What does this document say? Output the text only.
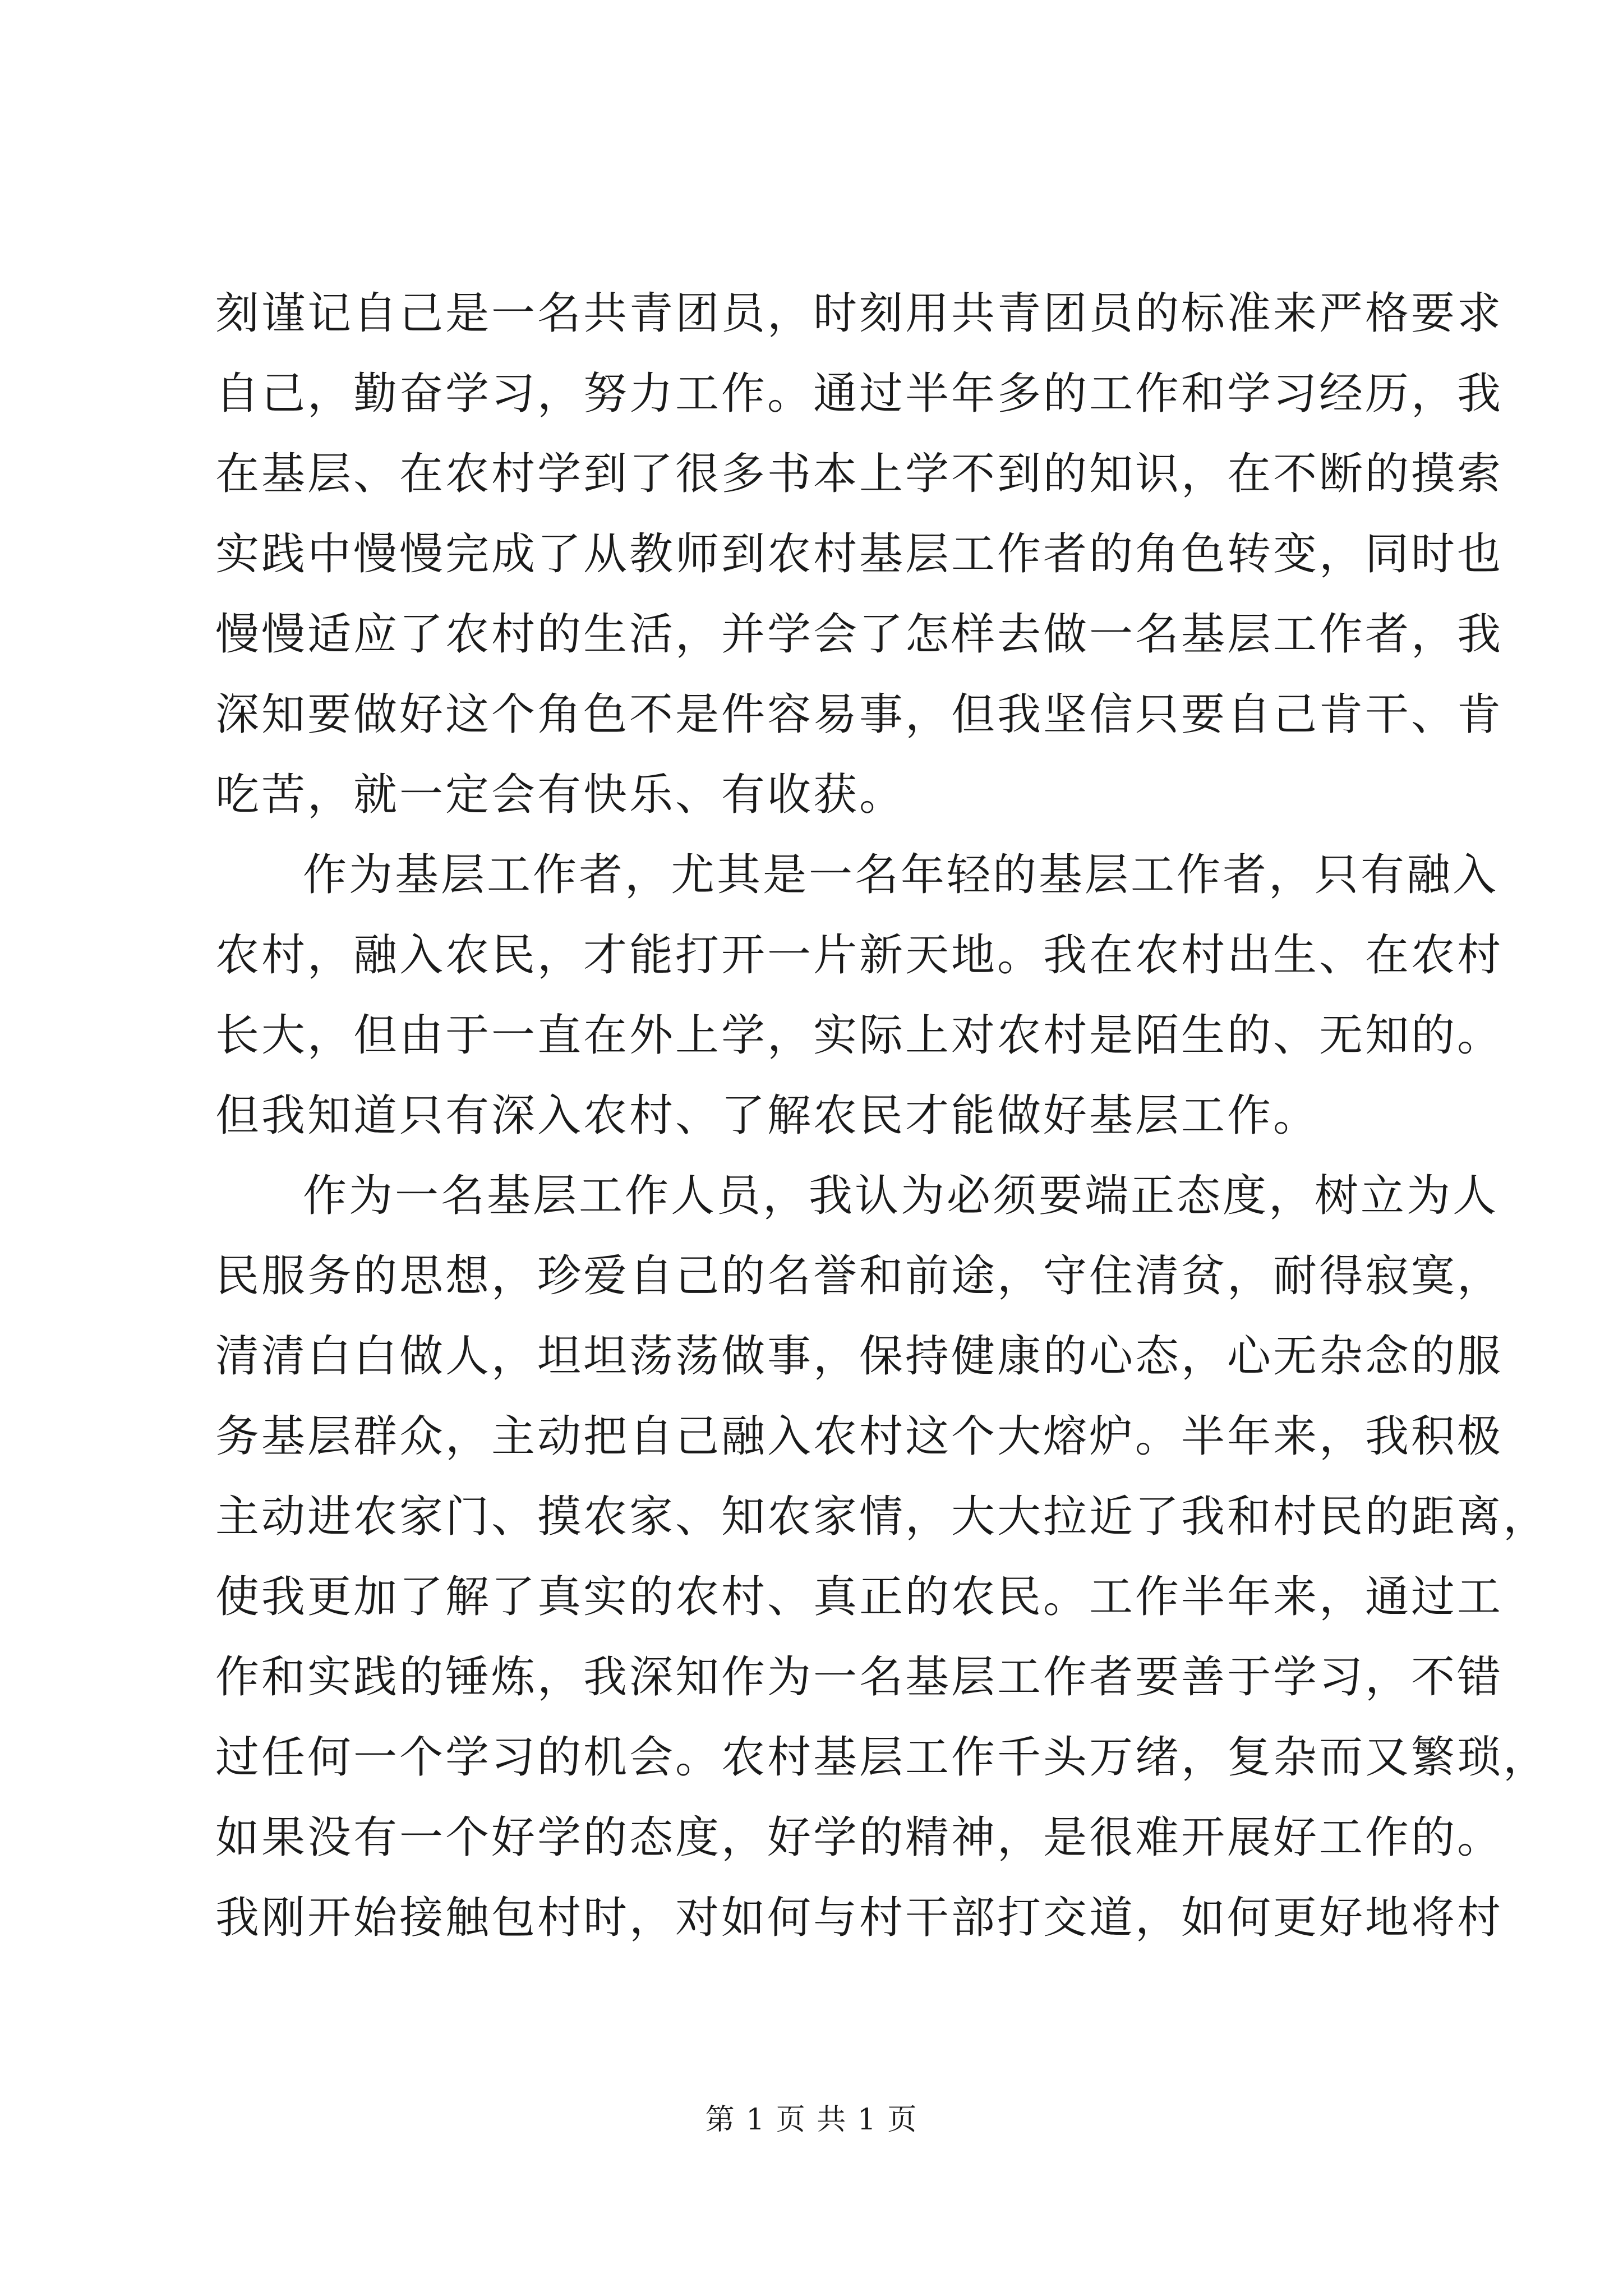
刻谨记自己是一名共青团员，时刻用共青团员的标准来严格要求
自己，勤奋学习，努力工作。通过半年多的工作和学习经历，我
在基层、在农村学到了很多书本上学不到的知识，在不断的摸索
实践中慢慢完成了从教师到农村基层工作者的角色转变，同时也
慢慢适应了农村的生活，并学会了怎样去做一名基层工作者，我
深知要做好这个角色不是件容易事，但我坚信只要自己肯干、肯
吃苦，就一定会有快乐、有收获。
作为基层工作者，尤其是一名年轻的基层工作者，只有融入
农村，融入农民，才能打开一片新天地。我在农村出生、在农村
长大，但由于一直在外上学，实际上对农村是陌生的、无知的。
但我知道只有深入农村、了解农民才能做好基层工作。
作为一名基层工作人员，我认为必须要端正态度，树立为人
民服务的思想，珍爱自己的名誉和前途，守住清贫，耐得寂寞，
清清白白做人，坦坦荡荡做事，保持健康的心态，心无杂念的服
务基层群众，主动把自己融入农村这个大熔炉。半年来，我积极
主动进农家门、摸农家、知农家情，大大拉近了我和村民的距离，
使我更加了解了真实的农村、真正的农民。工作半年来，通过工
作和实践的锤炼，我深知作为一名基层工作者要善于学习，不错
过任何一个学习的机会。农村基层工作千头万绪，复杂而又繁琐，
如果没有一个好学的态度，好学的精神，是很难开展好工作的。
我刚开始接触包村时，对如何与村干部打交道，如何更好地将村
第 1 页 共 1 页
